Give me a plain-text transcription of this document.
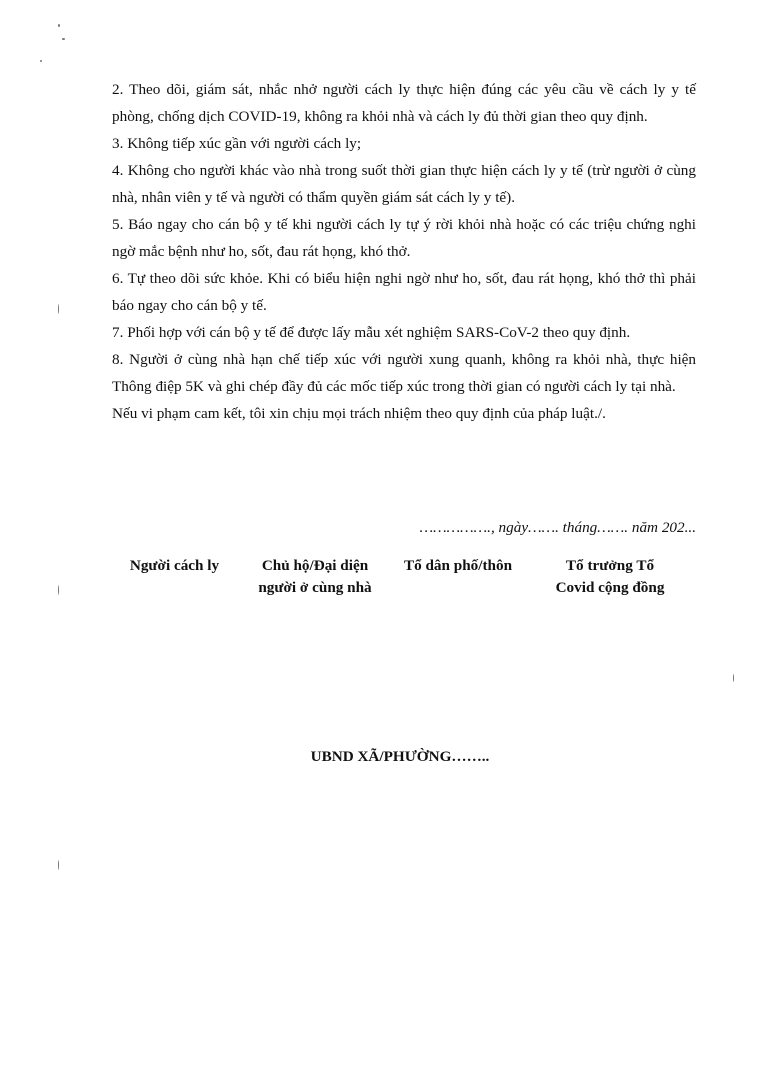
2. Theo dõi, giám sát, nhắc nhở người cách ly thực hiện đúng các yêu cầu về cách ly y tế phòng, chống dịch COVID-19, không ra khỏi nhà và cách ly đủ thời gian theo quy định.

3. Không tiếp xúc gần với người cách ly;

4. Không cho người khác vào nhà trong suốt thời gian thực hiện cách ly y tế (trừ người ở cùng nhà, nhân viên y tế và người có thẩm quyền giám sát cách ly y tế).

5. Báo ngay cho cán bộ y tế khi người cách ly tự ý rời khỏi nhà hoặc có các triệu chứng nghi ngờ mắc bệnh như ho, sốt, đau rát họng, khó thở.

6. Tự theo dõi sức khỏe. Khi có biểu hiện nghi ngờ như ho, sốt, đau rát họng, khó thở thì phải báo ngay cho cán bộ y tế.

7. Phối hợp với cán bộ y tế để được lấy mẫu xét nghiệm SARS-CoV-2 theo quy định.

8. Người ở cùng nhà hạn chế tiếp xúc với người xung quanh, không ra khỏi nhà, thực hiện Thông điệp 5K và ghi chép đầy đủ các mốc tiếp xúc trong thời gian có người cách ly tại nhà.

Nếu vi phạm cam kết, tôi xin chịu mọi trách nhiệm theo quy định của pháp luật./.

……………., ngày……. tháng……. năm 202...
Người cách ly	Chủ hộ/Đại diện
người ở cùng nhà
Tổ dân phố/thôn	Tổ trưởng Tổ
Covid cộng đồng
UBND XÃ/PHƯỜNG……..
